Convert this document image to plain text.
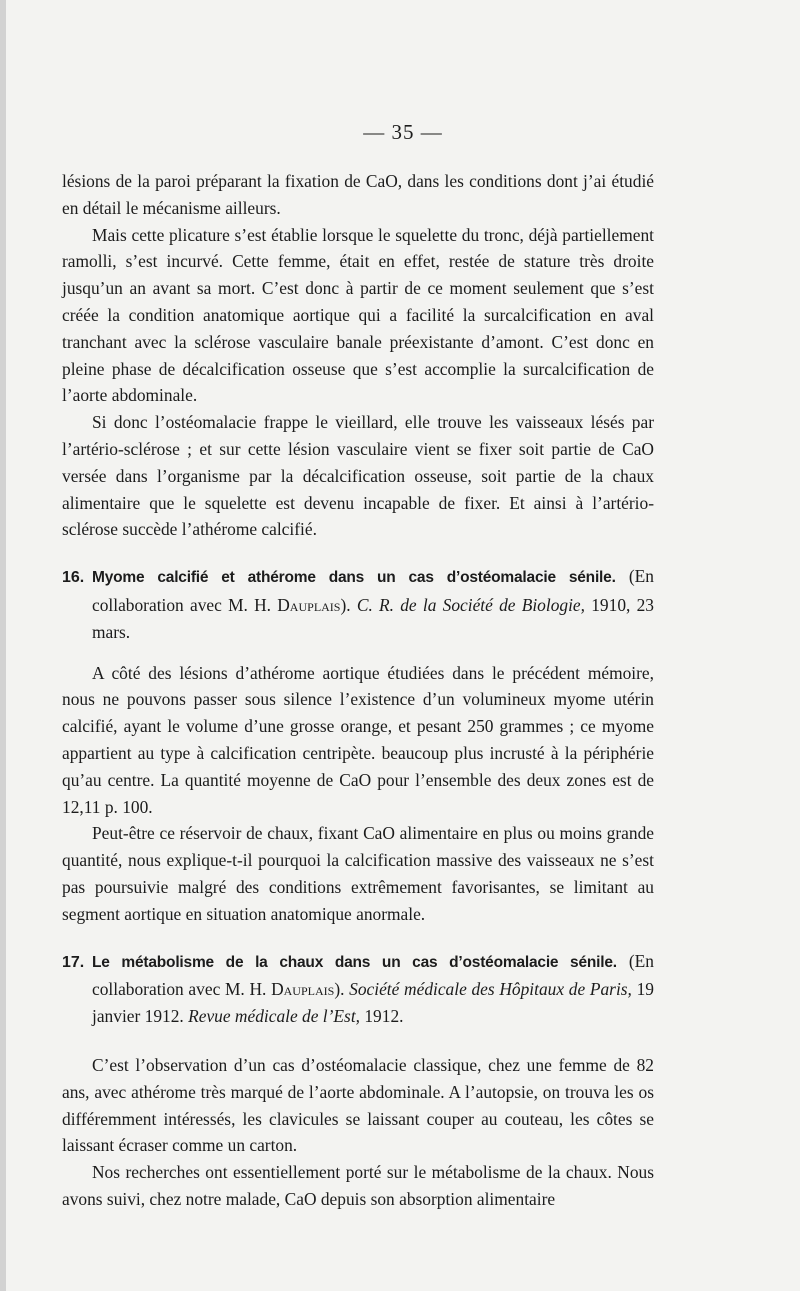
— 35 —

lésions de la paroi préparant la fixation de CaO, dans les conditions dont j’ai étudié en détail le mécanisme ailleurs.

Mais cette plicature s’est établie lorsque le squelette du tronc, déjà partiellement ramolli, s’est incurvé. Cette femme, était en effet, restée de stature très droite jusqu’un an avant sa mort. C’est donc à partir de ce moment seulement que s’est créée la condition anatomique aortique qui a facilité la surcalcification en aval tranchant avec la sclérose vasculaire banale préexistante d’amont. C’est donc en pleine phase de décalcification osseuse que s’est accomplie la surcalcification de l’aorte abdominale.

Si donc l’ostéomalacie frappe le vieillard, elle trouve les vaisseaux lésés par l’artério-sclérose ; et sur cette lésion vasculaire vient se fixer soit partie de CaO versée dans l’organisme par la décalcification osseuse, soit partie de la chaux alimentaire que le squelette est devenu incapable de fixer. Et ainsi à l’artério-sclérose succède l’athérome calcifié.

16. Myome calcifié et athérome dans un cas d’ostéomalacie sénile. (En collaboration avec M. H. Dauplais). C. R. de la Société de Biologie, 1910, 23 mars.

A côté des lésions d’athérome aortique étudiées dans le précédent mémoire, nous ne pouvons passer sous silence l’existence d’un volumineux myome utérin calcifié, ayant le volume d’une grosse orange, et pesant 250 grammes ; ce myome appartient au type à calcification centripète. beaucoup plus incrusté à la périphérie qu’au centre. La quantité moyenne de CaO pour l’ensemble des deux zones est de 12,11 p. 100.

Peut-être ce réservoir de chaux, fixant CaO alimentaire en plus ou moins grande quantité, nous explique-t-il pourquoi la calcification massive des vaisseaux ne s’est pas poursuivie malgré des conditions extrêmement favorisantes, se limitant au segment aortique en situation anatomique anormale.

17. Le métabolisme de la chaux dans un cas d’ostéomalacie sénile. (En collaboration avec M. H. Dauplais). Société médicale des Hôpitaux de Paris, 19 janvier 1912. Revue médicale de l’Est, 1912.

C’est l’observation d’un cas d’ostéomalacie classique, chez une femme de 82 ans, avec athérome très marqué de l’aorte abdominale. A l’autopsie, on trouva les os différemment intéressés, les clavicules se laissant couper au couteau, les côtes se laissant écraser comme un carton.

Nos recherches ont essentiellement porté sur le métabolisme de la chaux. Nous avons suivi, chez notre malade, CaO depuis son absorption alimentaire
